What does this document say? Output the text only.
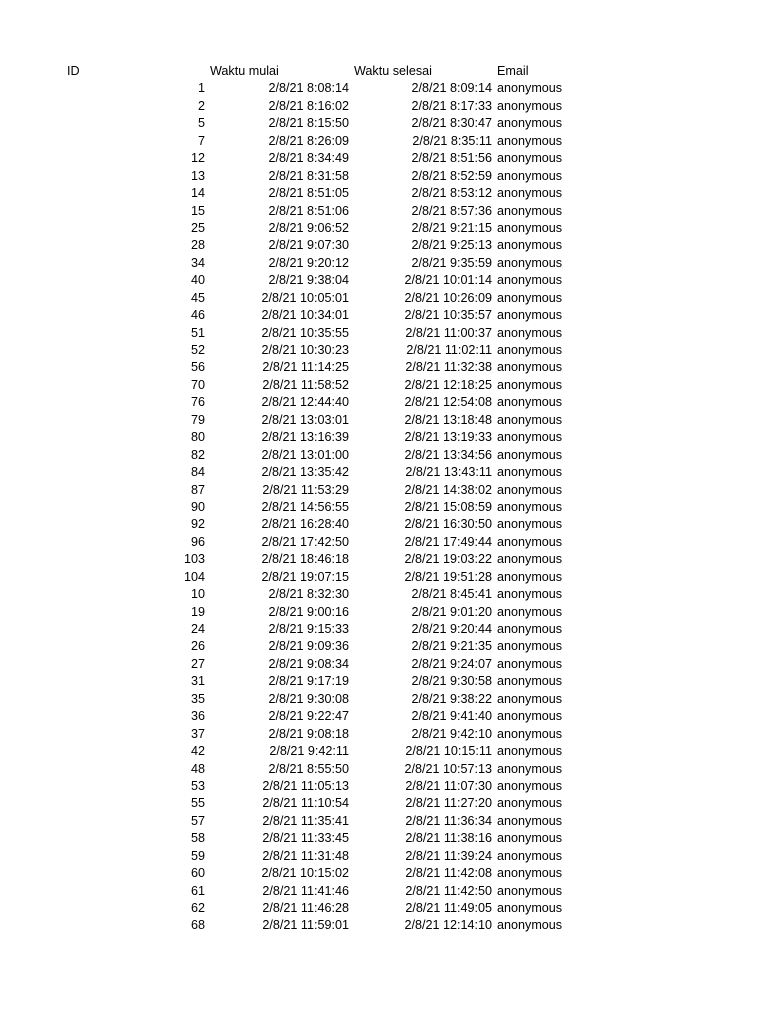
ID	Waktu mulai	Waktu selesai	Email
1	2/8/21 8:08:14	2/8/21 8:09:14 anonymous
2	2/8/21 8:16:02	2/8/21 8:17:33 anonymous
5	2/8/21 8:15:50	2/8/21 8:30:47 anonymous
7	2/8/21 8:26:09	2/8/21 8:35:11 anonymous
12	2/8/21 8:34:49	2/8/21 8:51:56 anonymous
13	2/8/21 8:31:58	2/8/21 8:52:59 anonymous
14	2/8/21 8:51:05	2/8/21 8:53:12 anonymous
15	2/8/21 8:51:06	2/8/21 8:57:36 anonymous
25	2/8/21 9:06:52	2/8/21 9:21:15 anonymous
28	2/8/21 9:07:30	2/8/21 9:25:13 anonymous
34	2/8/21 9:20:12	2/8/21 9:35:59 anonymous
40	2/8/21 9:38:04	2/8/21 10:01:14 anonymous
45	2/8/21 10:05:01	2/8/21 10:26:09 anonymous
46	2/8/21 10:34:01	2/8/21 10:35:57 anonymous
51	2/8/21 10:35:55	2/8/21 11:00:37 anonymous
52	2/8/21 10:30:23	2/8/21 11:02:11 anonymous
56	2/8/21 11:14:25	2/8/21 11:32:38 anonymous
70	2/8/21 11:58:52	2/8/21 12:18:25 anonymous
76	2/8/21 12:44:40	2/8/21 12:54:08 anonymous
79	2/8/21 13:03:01	2/8/21 13:18:48 anonymous
80	2/8/21 13:16:39	2/8/21 13:19:33 anonymous
82	2/8/21 13:01:00	2/8/21 13:34:56 anonymous
84	2/8/21 13:35:42	2/8/21 13:43:11 anonymous
87	2/8/21 11:53:29	2/8/21 14:38:02 anonymous
90	2/8/21 14:56:55	2/8/21 15:08:59 anonymous
92	2/8/21 16:28:40	2/8/21 16:30:50 anonymous
96	2/8/21 17:42:50	2/8/21 17:49:44 anonymous
103	2/8/21 18:46:18	2/8/21 19:03:22 anonymous
104	2/8/21 19:07:15	2/8/21 19:51:28 anonymous
10	2/8/21 8:32:30	2/8/21 8:45:41 anonymous
19	2/8/21 9:00:16	2/8/21 9:01:20 anonymous
24	2/8/21 9:15:33	2/8/21 9:20:44 anonymous
26	2/8/21 9:09:36	2/8/21 9:21:35 anonymous
27	2/8/21 9:08:34	2/8/21 9:24:07 anonymous
31	2/8/21 9:17:19	2/8/21 9:30:58 anonymous
35	2/8/21 9:30:08	2/8/21 9:38:22 anonymous
36	2/8/21 9:22:47	2/8/21 9:41:40 anonymous
37	2/8/21 9:08:18	2/8/21 9:42:10 anonymous
42	2/8/21 9:42:11	2/8/21 10:15:11 anonymous
48	2/8/21 8:55:50	2/8/21 10:57:13 anonymous
53	2/8/21 11:05:13	2/8/21 11:07:30 anonymous
55	2/8/21 11:10:54	2/8/21 11:27:20 anonymous
57	2/8/21 11:35:41	2/8/21 11:36:34 anonymous
58	2/8/21 11:33:45	2/8/21 11:38:16 anonymous
59	2/8/21 11:31:48	2/8/21 11:39:24 anonymous
60	2/8/21 10:15:02	2/8/21 11:42:08 anonymous
61	2/8/21 11:41:46	2/8/21 11:42:50 anonymous
62	2/8/21 11:46:28	2/8/21 11:49:05 anonymous
68	2/8/21 11:59:01	2/8/21 12:14:10 anonymous
